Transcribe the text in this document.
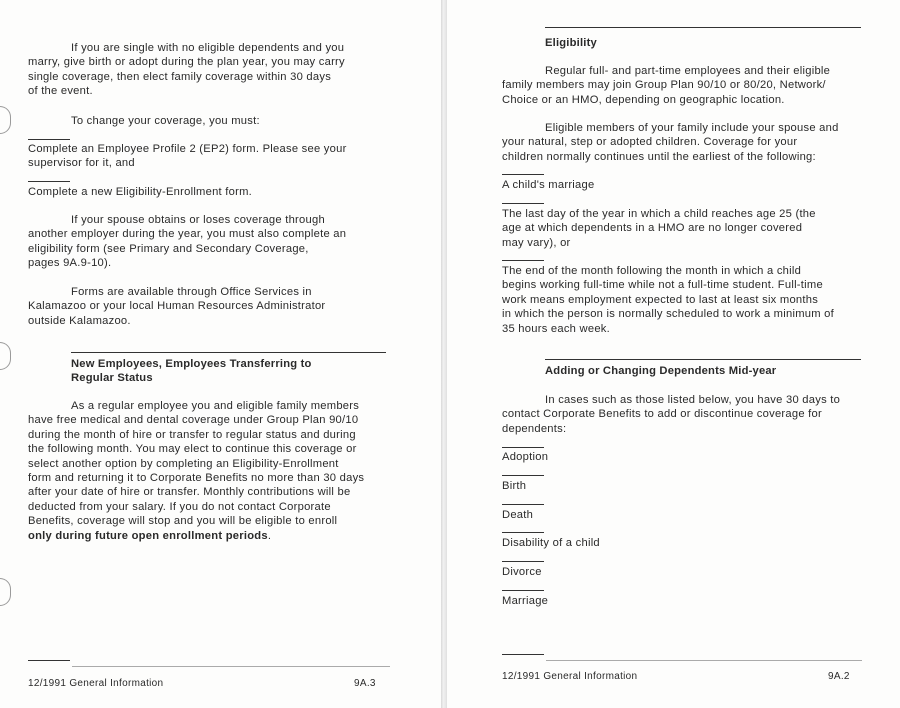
If you are single with no eligible dependents and you
marry, give birth or adopt during the plan year, you may carry
single coverage, then elect family coverage within 30 days
of the event.

To change your coverage, you must:

Complete an Employee Profile 2 (EP2) form. Please see your
supervisor for it, and

Complete a new Eligibility-Enrollment form.

If your spouse obtains or loses coverage through
another employer during the year, you must also complete an
eligibility form (see Primary and Secondary Coverage,
pages 9A.9-10).

Forms are available through Office Services in
Kalamazoo or your local Human Resources Administrator
outside Kalamazoo.

New Employees, Employees Transferring to
Regular Status

As a regular employee you and eligible family members
have free medical and dental coverage under Group Plan 90/10
during the month of hire or transfer to regular status and during
the following month. You may elect to continue this coverage or
select another option by completing an Eligibility-Enrollment
form and returning it to Corporate Benefits no more than 30 days
after your date of hire or transfer. Monthly contributions will be
deducted from your salary. If you do not contact Corporate
Benefits, coverage will stop and you will be eligible to enroll
only during future open enrollment periods.

12/1991 General Information	9A.3

Eligibility

Regular full- and part-time employees and their eligible
family members may join Group Plan 90/10 or 80/20, Network/
Choice or an HMO, depending on geographic location.

Eligible members of your family include your spouse and
your natural, step or adopted children. Coverage for your
children normally continues until the earliest of the following:

A child's marriage

The last day of the year in which a child reaches age 25 (the
age at which dependents in a HMO are no longer covered
may vary), or

The end of the month following the month in which a child
begins working full-time while not a full-time student. Full-time
work means employment expected to last at least six months
in which the person is normally scheduled to work a minimum of
35 hours each week.

Adding or Changing Dependents Mid-year

In cases such as those listed below, you have 30 days to
contact Corporate Benefits to add or discontinue coverage for
dependents:

Adoption

Birth

Death

Disability of a child

Divorce

Marriage

12/1991 General Information	9A.2
